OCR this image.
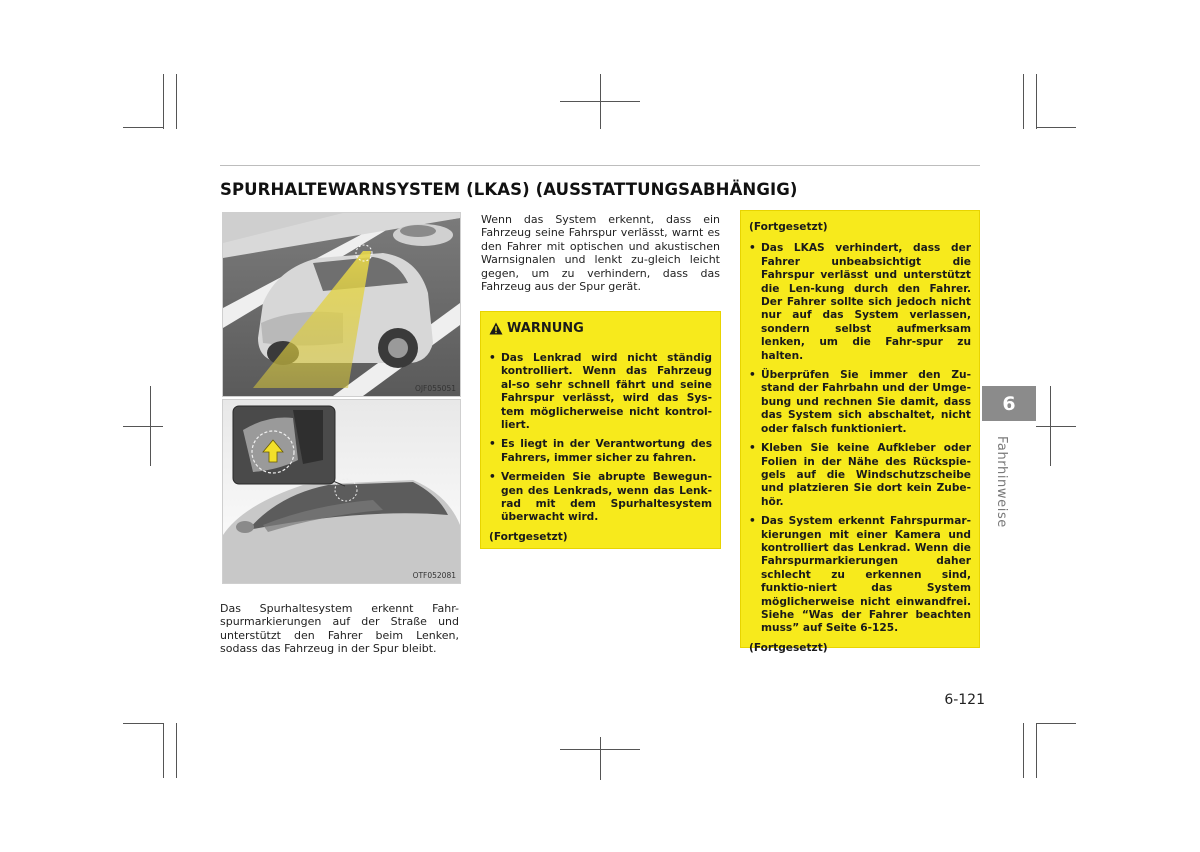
SPURHALTEWARNSYSTEM (LKAS) (AUSSTATTUNGSABHÄNGIG)
OJF055051
OTF052081
Das Spurhaltesystem erkennt Fahr-spurmarkierungen auf der Straße und unterstützt den Fahrer beim Lenken, sodass das Fahrzeug in der Spur bleibt.
Wenn das System erkennt, dass ein Fahrzeug seine Fahrspur verlässt, warnt es den Fahrer mit optischen und akustischen Warnsignalen und lenkt zu-gleich leicht gegen, um zu verhindern, dass das Fahrzeug aus der Spur gerät.
WARNUNG
• Das Lenkrad wird nicht ständig kontrolliert. Wenn das Fahrzeug al-so sehr schnell fährt und seine Fahrspur verlässt, wird das Sys-tem möglicherweise nicht kontrol-liert.
• Es liegt in der Verantwortung des Fahrers, immer sicher zu fahren.
• Vermeiden Sie abrupte Bewegun-gen des Lenkrads, wenn das Lenk-rad mit dem Spurhaltesystem überwacht wird.
(Fortgesetzt)
(Fortgesetzt)
• Das LKAS verhindert, dass der Fahrer unbeabsichtigt die Fahrspur verlässt und unterstützt die Len-kung durch den Fahrer. Der Fahrer sollte sich jedoch nicht nur auf das System verlassen, sondern selbst aufmerksam lenken, um die Fahr-spur zu halten.
• Überprüfen Sie immer den Zu-stand der Fahrbahn und der Umge-bung und rechnen Sie damit, dass das System sich abschaltet, nicht oder falsch funktioniert.
• Kleben Sie keine Aufkleber oder Folien in der Nähe des Rückspie-gels auf die Windschutzscheibe und platzieren Sie dort kein Zube-hör.
• Das System erkennt Fahrspurmar-kierungen mit einer Kamera und kontrolliert das Lenkrad. Wenn die Fahrspurmarkierungen daher schlecht zu erkennen sind, funktio-niert das System möglicherweise nicht einwandfrei. Siehe “Was der Fahrer beachten muss” auf Seite 6-125.
(Fortgesetzt)
6
Fahrhinweise
6-121
